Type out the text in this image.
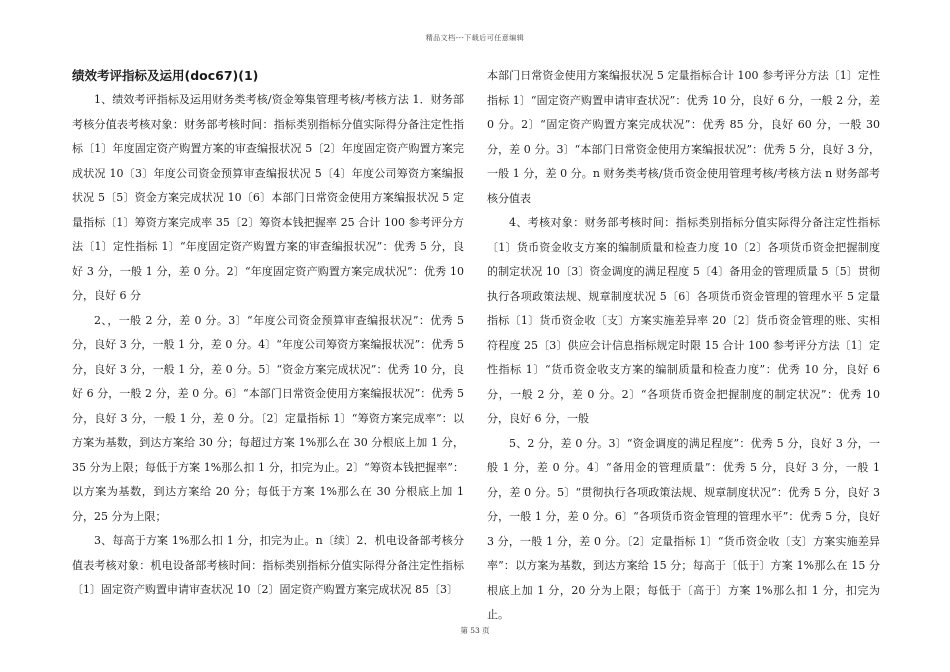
精品文档---下载后可任意编辑
绩效考评指标及运用(doc67)(1)

1、绩效考评指标及运用财务类考核/资金筹集管理考核/考核方法 1．财务部考核分值表考核对象：财务部考核时间：指标类别指标分值实际得分备注定性指标〔1〕年度固定资产购置方案的审查编报状况 5〔2〕年度固定资产购置方案完成状况 10〔3〕年度公司资金预算审查编报状况 5〔4〕年度公司筹资方案编报状况 5〔5〕资金方案完成状况 10〔6〕本部门日常资金使用方案编报状况 5 定量指标〔1〕筹资方案完成率 35〔2〕筹资本钱把握率 25 合计 100 参考评分方法〔1〕定性指标 1〕“年度固定资产购置方案的审查编报状况”：优秀 5 分，良好 3 分，一般 1 分，差 0 分。2〕“年度固定资产购置方案完成状况”：优秀 10 分，良好 6 分

2、，一般 2 分，差 0 分。3〕“年度公司资金预算审查编报状况”：优秀 5 分，良好 3 分，一般 1 分，差 0 分。4〕“年度公司筹资方案编报状况”：优秀 5 分，良好 3 分，一般 1 分，差 0 分。5〕“资金方案完成状况”：优秀 10 分，良好 6 分，一般 2 分，差 0 分。6〕“本部门日常资金使用方案编报状况”：优秀 5 分，良好 3 分，一般 1 分，差 0 分。〔2〕定量指标 1〕“筹资方案完成率”：以方案为基数，到达方案给 30 分；每超过方案 1%那么在 30 分根底上加 1 分，35 分为上限；每低于方案 1%那么扣 1 分，扣完为止。2〕“筹资本钱把握率”：以方案为基数，到达方案给 20 分；每低于方案 1%那么在 30 分根底上加 1 分，25 分为上限；

3、每高于方案 1%那么扣 1 分，扣完为止。n〔续〕2．机电设备部考核分值表考核对象：机电设备部考核时间：指标类别指标分值实际得分备注定性指标〔1〕固定资产购置申请审查状况 10〔2〕固定资产购置方案完成状况 85〔3〕

本部门日常资金使用方案编报状况 5 定量指标合计 100 参考评分方法〔1〕定性指标 1〕“固定资产购置申请审查状况”：优秀 10 分，良好 6 分，一般 2 分，差 0 分。2〕“固定资产购置方案完成状况”：优秀 85 分，良好 60 分，一般 30 分，差 0 分。3〕“本部门日常资金使用方案编报状况”：优秀 5 分，良好 3 分，一般 1 分，差 0 分。n 财务类考核/货币资金使用管理考核/考核方法 n 财务部考核分值表

4、考核对象：财务部考核时间：指标类别指标分值实际得分备注定性指标〔1〕货币资金收支方案的编制质量和检查力度 10〔2〕各项货币资金把握制度的制定状况 10〔3〕资金调度的满足程度 5〔4〕备用金的管理质量 5〔5〕贯彻执行各项政策法规、规章制度状况 5〔6〕各项货币资金管理的管理水平 5 定量指标〔1〕货币资金收〔支〕方案实施差异率 20〔2〕货币资金管理的账、实相符程度 25〔3〕供应会计信息指标规定时限 15 合计 100 参考评分方法〔1〕定性指标 1〕“货币资金收支方案的编制质量和检查力度”：优秀 10 分，良好 6 分，一般 2 分，差 0 分。2〕“各项货币资金把握制度的制定状况”：优秀 10 分，良好 6 分，一般

5、2 分，差 0 分。3〕“资金调度的满足程度”：优秀 5 分，良好 3 分，一般 1 分，差 0 分。4〕“备用金的管理质量”：优秀 5 分，良好 3 分，一般 1 分，差 0 分。5〕“贯彻执行各项政策法规、规章制度状况”：优秀 5 分，良好 3 分，一般 1 分，差 0 分。6〕“各项货币资金管理的管理水平”：优秀 5 分，良好 3 分，一般 1 分，差 0 分。〔2〕定量指标 1〕“货币资金收〔支〕方案实施差异率”：以方案为基数，到达方案给 15 分；每高于〔低于〕方案 1%那么在 15 分根底上加 1 分，20 分为上限；每低于〔高于〕方案 1%那么扣 1 分，扣完为止。

第 53 页
